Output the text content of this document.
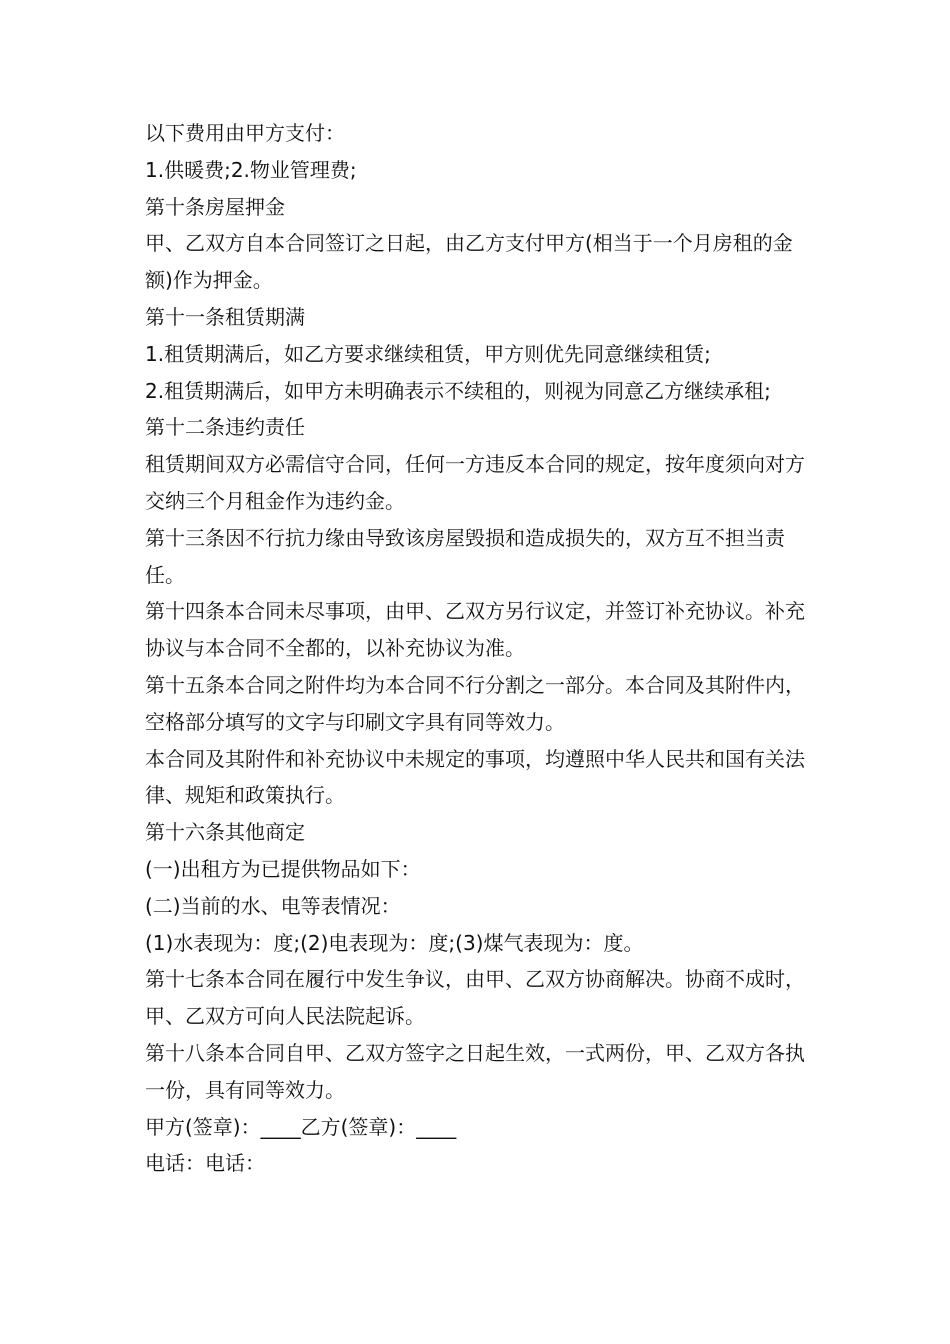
以下费用由甲方支付：

1.供暖费;2.物业管理费;

第十条房屋押金

甲、乙双方自本合同签订之日起，由乙方支付甲方(相当于一个月房租的金额)作为押金。

第十一条租赁期满

1.租赁期满后，如乙方要求继续租赁，甲方则优先同意继续租赁;

2.租赁期满后，如甲方未明确表示不续租的，则视为同意乙方继续承租;

第十二条违约责任

租赁期间双方必需信守合同，任何一方违反本合同的规定，按年度须向对方交纳三个月租金作为违约金。

第十三条因不行抗力缘由导致该房屋毁损和造成损失的，双方互不担当责任。

第十四条本合同未尽事项，由甲、乙双方另行议定，并签订补充协议。补充协议与本合同不全都的，以补充协议为准。

第十五条本合同之附件均为本合同不行分割之一部分。本合同及其附件内，空格部分填写的文字与印刷文字具有同等效力。

本合同及其附件和补充协议中未规定的事项，均遵照中华人民共和国有关法律、规矩和政策执行。

第十六条其他商定

(一)出租方为已提供物品如下：

(二)当前的水、电等表情况：

(1)水表现为：度;(2)电表现为：度;(3)煤气表现为：度。

第十七条本合同在履行中发生争议，由甲、乙双方协商解决。协商不成时，甲、乙双方可向人民法院起诉。

第十八条本合同自甲、乙双方签字之日起生效，一式两份，甲、乙双方各执一份，具有同等效力。

甲方(签章)：____乙方(签章)：____

电话：电话：
